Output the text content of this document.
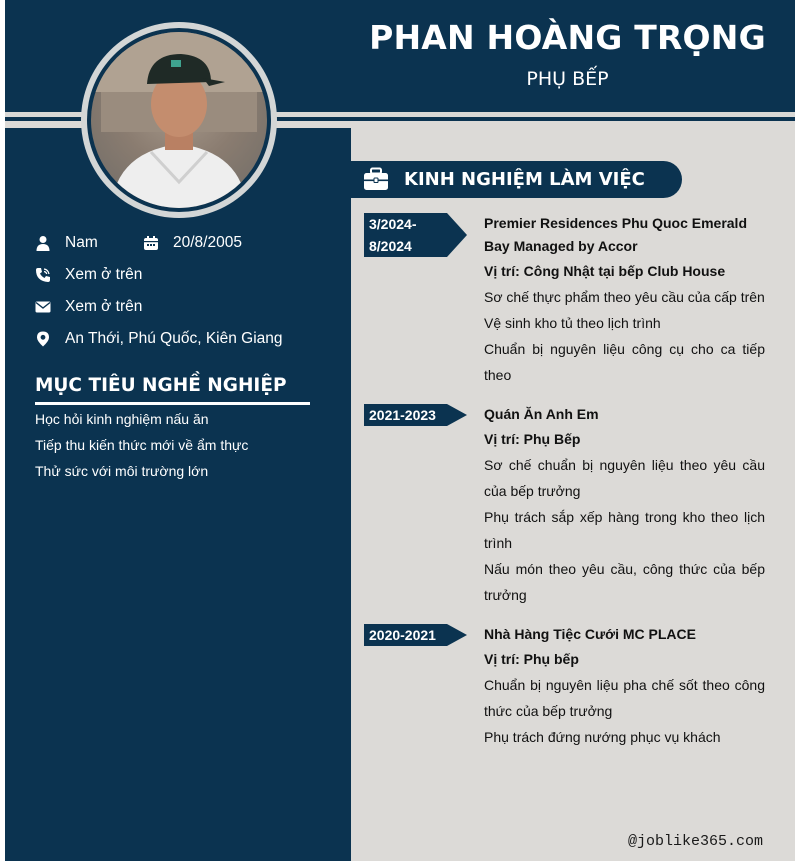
PHAN HOÀNG TRỌNG
PHỤ BẾP
Nam	20/8/2005
Xem ở trên
Xem ở trên
An Thới, Phú Quốc, Kiên Giang
MỤC TIÊU NGHỀ NGHIỆP
Học hỏi kinh nghiệm nấu ăn
Tiếp thu kiến thức mới về ẩm thực
Thử sức với môi trường lớn
KINH NGHIỆM LÀM VIỆC
3/2024- 8/2024
Premier Residences Phu Quoc Emerald Bay Managed by Accor
Vị trí: Công Nhật tại bếp Club House
Sơ chế thực phẩm theo yêu cầu của cấp trên
Vệ sinh kho tủ theo lịch trình
Chuẩn bị nguyên liệu công cụ cho ca tiếp theo
2021-2023	Quán Ăn Anh Em
Vị trí: Phụ Bếp
Sơ chế chuẩn bị nguyên liệu theo yêu cầu của bếp trưởng
Phụ trách sắp xếp hàng trong kho theo lịch trình
Nấu món theo yêu cầu, công thức của bếp trưởng
2020-2021	Nhà Hàng Tiệc Cưới MC PLACE
Vị trí: Phụ bếp
Chuẩn bị nguyên liệu pha chế sốt theo công thức của bếp trưởng
Phụ trách đứng nướng phục vụ khách
@joblike365.com
